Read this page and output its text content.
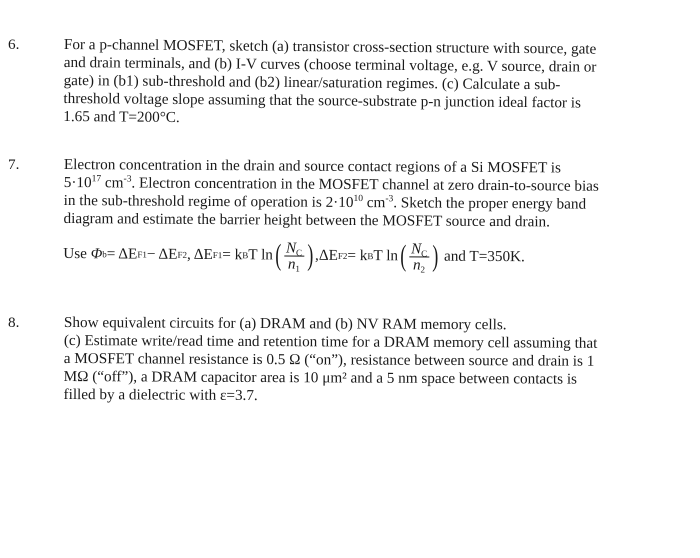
6.	For a p-channel MOSFET, sketch (a) transistor cross-section structure with source, gate

and drain terminals, and (b) I-V curves (choose terminal voltage, e.g. V source, drain or

gate) in (b1) sub-threshold and (b2) linear/saturation regimes. (c) Calculate a sub-

threshold voltage slope assuming that the source-substrate p-n junction ideal factor is

1.65 and T=200°C.

7.	Electron concentration in the drain and source contact regions of a Si MOSFET is

$5\cdot 10^{17}$ $cm^{-3}$. Electron concentration in the MOSFET channel at zero drain-to-source bias

in the sub-threshold regime of operation is $2\cdot 10^{10}$ $cm^{-3}$. Sketch the proper energy band

diagram and estimate the barrier height between the MOSFET source and drain.

Use
Φ b = ΔE F1 − ΔE F2 , ΔE F1 = k B T ln ( $\frac{N_C}{n_1}$ ) ,ΔE F2 = k B T ln ( $\frac{N_C}{n_2}$ )
and T=350K.
8.	Show equivalent circuits for (a) DRAM and (b) NV RAM memory cells.

(c) Estimate write/read time and retention time for a DRAM memory cell assuming that

a MOSFET channel resistance is 0.5 Ω (“on”), resistance between source and drain is 1

MΩ (“off”), a DRAM capacitor area is 10 μm² and a 5 nm space between contacts is

filled by a dielectric with ε=3.7.
